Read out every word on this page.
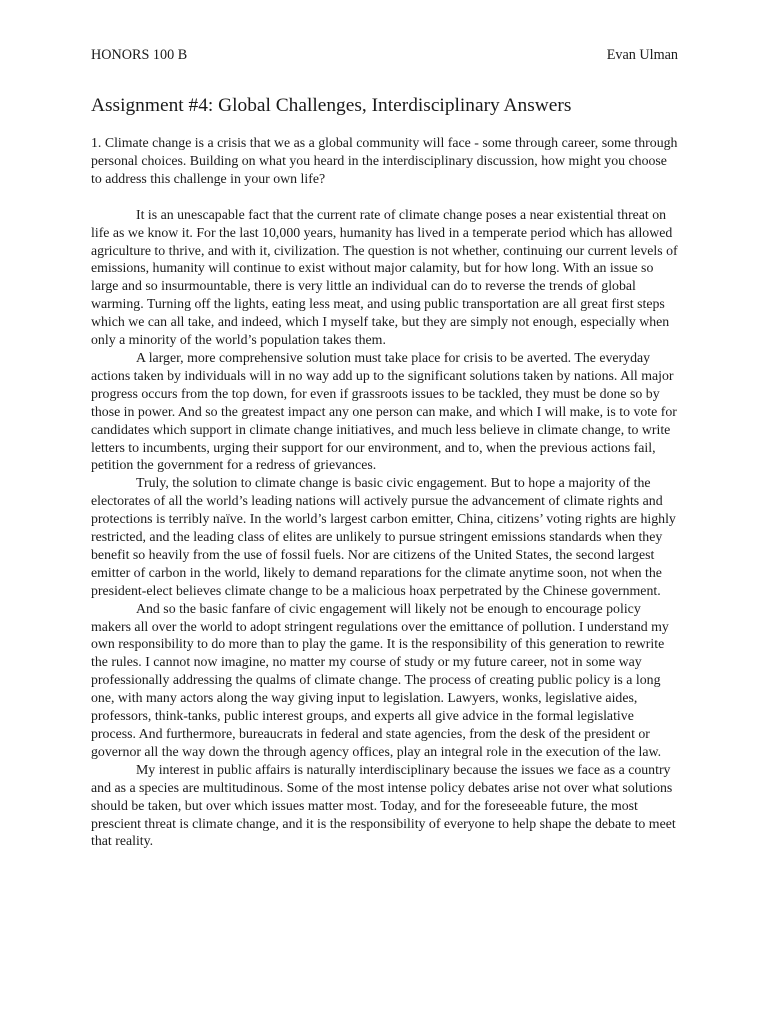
HONORS 100 B	Evan Ulman
Assignment #4: Global Challenges, Interdisciplinary Answers

1. Climate change is a crisis that we as a global community will face - some through career, some through personal choices. Building on what you heard in the interdisciplinary discussion, how might you choose to address this challenge in your own life?

It is an unescapable fact that the current rate of climate change poses a near existential threat on life as we know it. For the last 10,000 years, humanity has lived in a temperate period which has allowed agriculture to thrive, and with it, civilization. The question is not whether, continuing our current levels of emissions, humanity will continue to exist without major calamity, but for how long. With an issue so large and so insurmountable, there is very little an individual can do to reverse the trends of global warming. Turning off the lights, eating less meat, and using public transportation are all great first steps which we can all take, and indeed, which I myself take, but they are simply not enough, especially when only a minority of the world’s population takes them.

A larger, more comprehensive solution must take place for crisis to be averted. The everyday actions taken by individuals will in no way add up to the significant solutions taken by nations. All major progress occurs from the top down, for even if grassroots issues to be tackled, they must be done so by those in power. And so the greatest impact any one person can make, and which I will make, is to vote for candidates which support in climate change initiatives, and much less believe in climate change, to write letters to incumbents, urging their support for our environment, and to, when the previous actions fail, petition the government for a redress of grievances.

Truly, the solution to climate change is basic civic engagement. But to hope a majority of the electorates of all the world’s leading nations will actively pursue the advancement of climate rights and protections is terribly naïve. In the world’s largest carbon emitter, China, citizens’ voting rights are highly restricted, and the leading class of elites are unlikely to pursue stringent emissions standards when they benefit so heavily from the use of fossil fuels. Nor are citizens of the United States, the second largest emitter of carbon in the world, likely to demand reparations for the climate anytime soon, not when the president-elect believes climate change to be a malicious hoax perpetrated by the Chinese government.

And so the basic fanfare of civic engagement will likely not be enough to encourage policy makers all over the world to adopt stringent regulations over the emittance of pollution. I understand my own responsibility to do more than to play the game. It is the responsibility of this generation to rewrite the rules. I cannot now imagine, no matter my course of study or my future career, not in some way professionally addressing the qualms of climate change. The process of creating public policy is a long one, with many actors along the way giving input to legislation. Lawyers, wonks, legislative aides, professors, think-tanks, public interest groups, and experts all give advice in the formal legislative process. And furthermore, bureaucrats in federal and state agencies, from the desk of the president or governor all the way down the through agency offices, play an integral role in the execution of the law.

My interest in public affairs is naturally interdisciplinary because the issues we face as a country and as a species are multitudinous. Some of the most intense policy debates arise not over what solutions should be taken, but over which issues matter most. Today, and for the foreseeable future, the most prescient threat is climate change, and it is the responsibility of everyone to help shape the debate to meet that reality.
